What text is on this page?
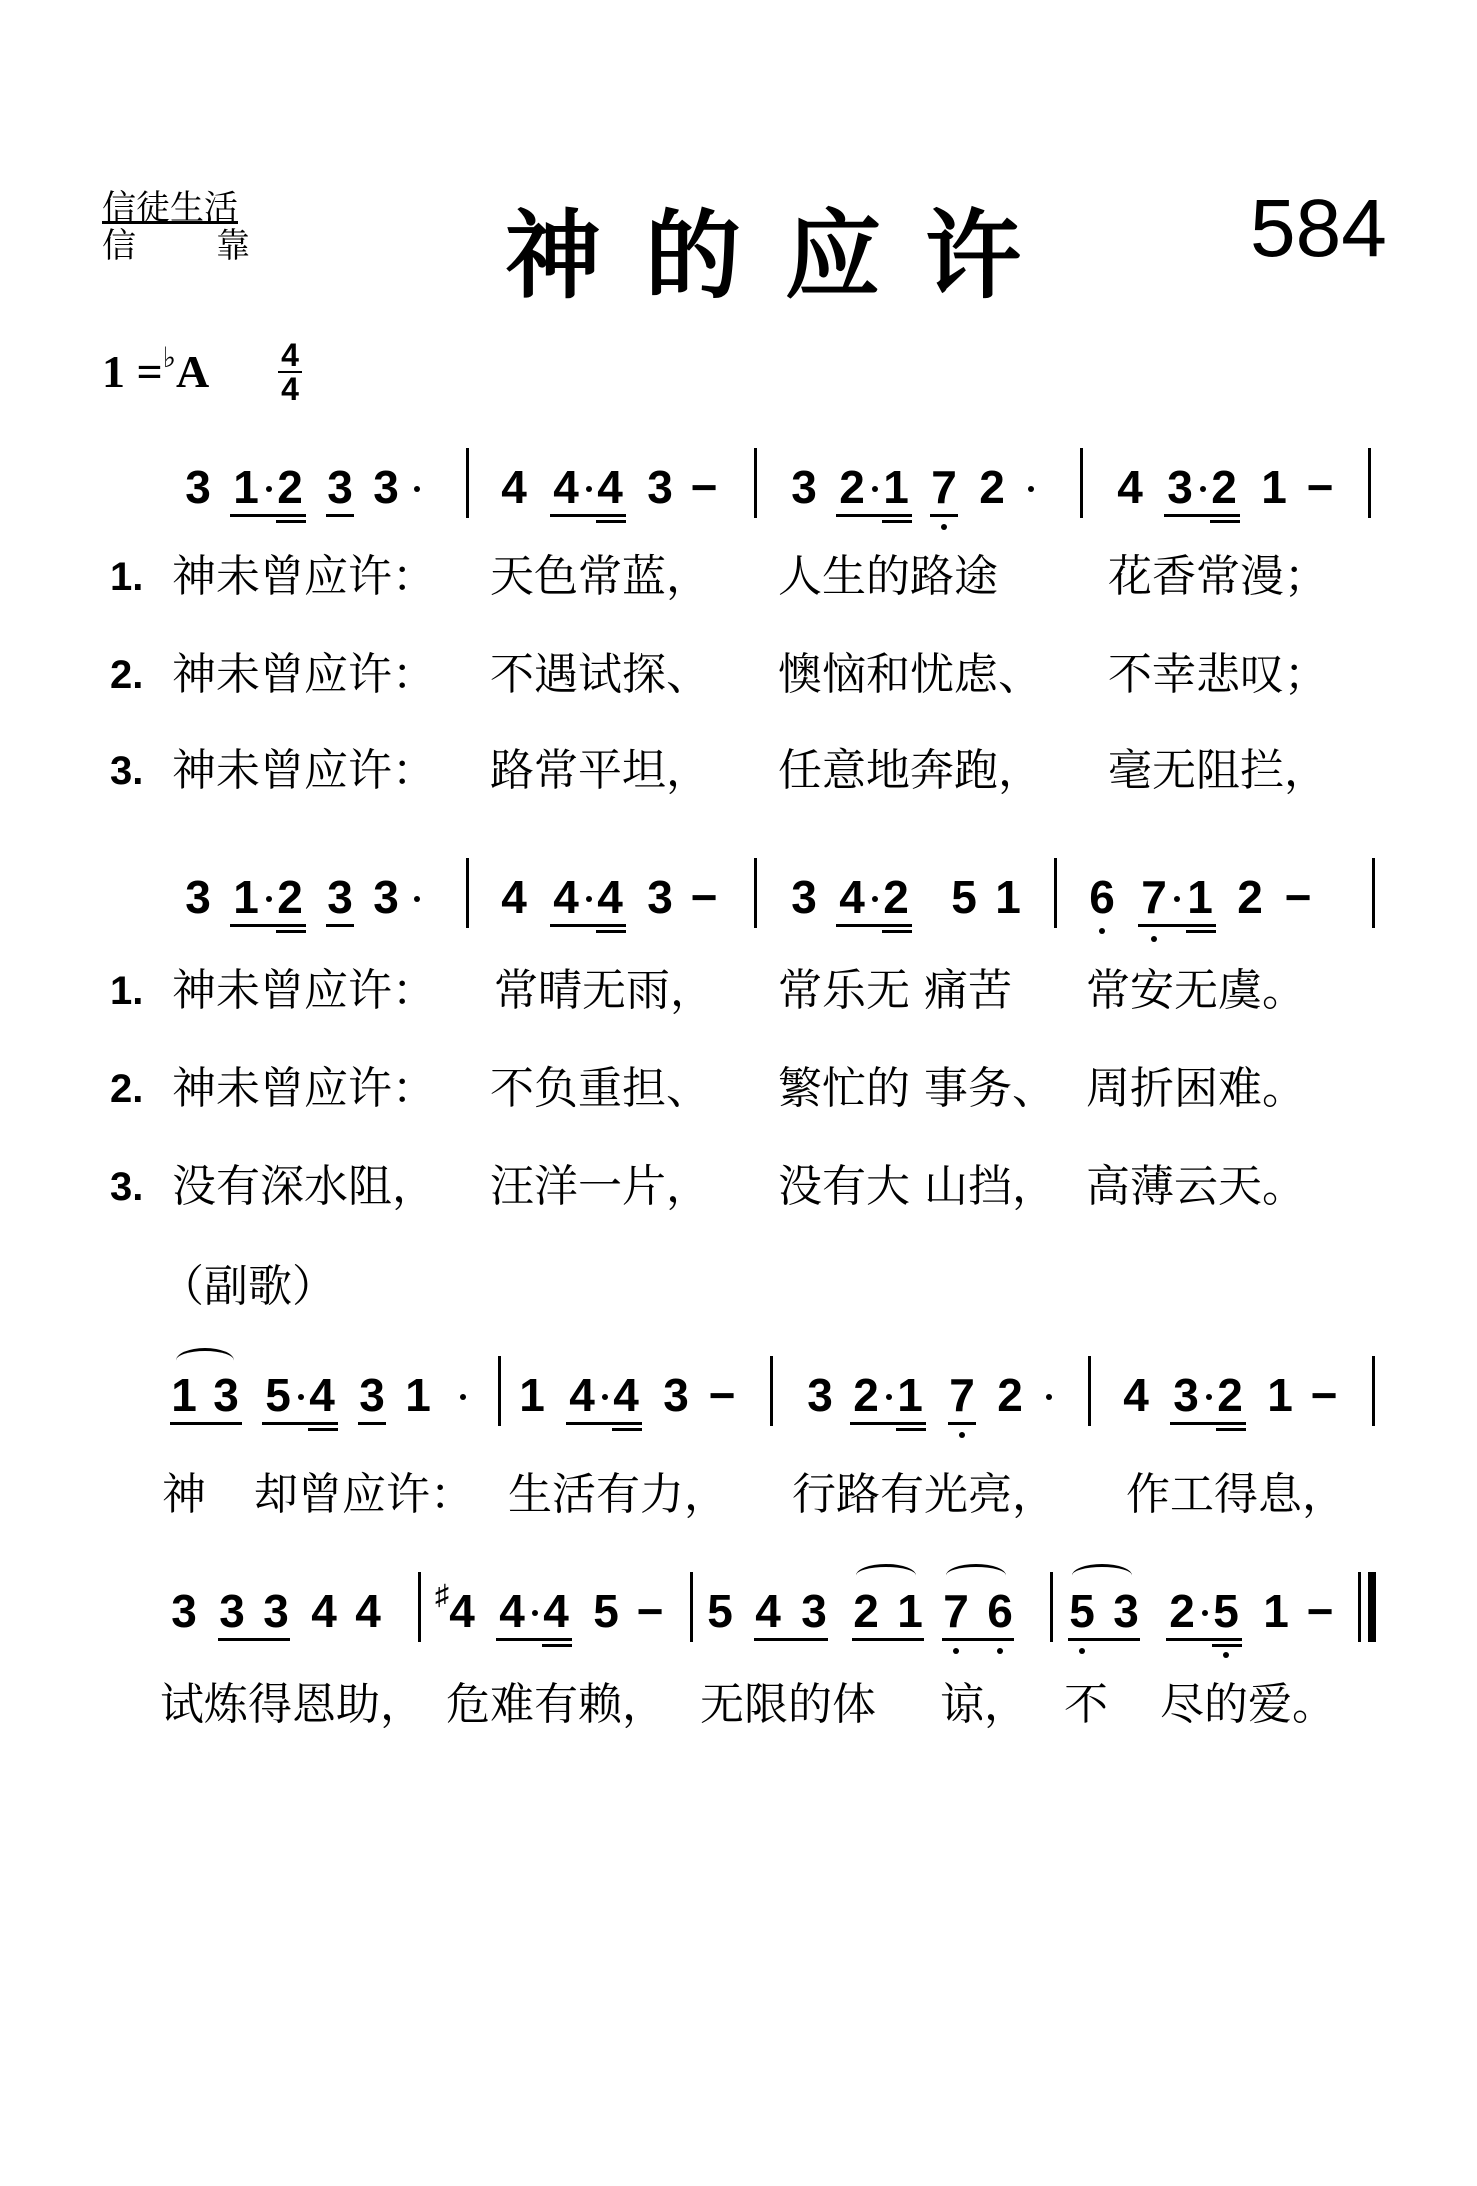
信徒生活
信 靠	神的应许 584
1 =♭A 4
4
3 1 2 3 3 4 4 4 3 − 3 2 1 7 2 4 3 2 1 −
1. 神未曾应许： 天色常蓝， 人生的路途	花香常漫；
2. 神未曾应许： 不遇试探、 懊恼和忧虑、 不幸悲叹；
3. 神未曾应许： 路常平坦， 任意地奔跑， 毫无阻拦，
3 1 2 3 3 4 4 4 3 − 3 4 2 5 1 6 7 1 2 −
1. 神未曾应许： 常晴无雨， 常乐无 痛苦 常安无虞。
2. 神未曾应许： 不负重担、 繁忙的 事务、 周折困难。
3. 没有深水阻， 汪洋一片， 没有大 山挡， 高薄云天。
（副歌）
1 3 5 4 3 1 1 4 4 3 − 3 2 1 7 2 4 3 2 1 −
神 却曾应许： 生活有力， 行路有光亮， 作工得息，
3 3 3 4 4 ♯ 4 4 4 5 − 5 4 3 2 1 7 6 5 3 2 5 1 −
试炼得恩助， 危难有赖， 无限的体 谅， 不 尽的爱。
